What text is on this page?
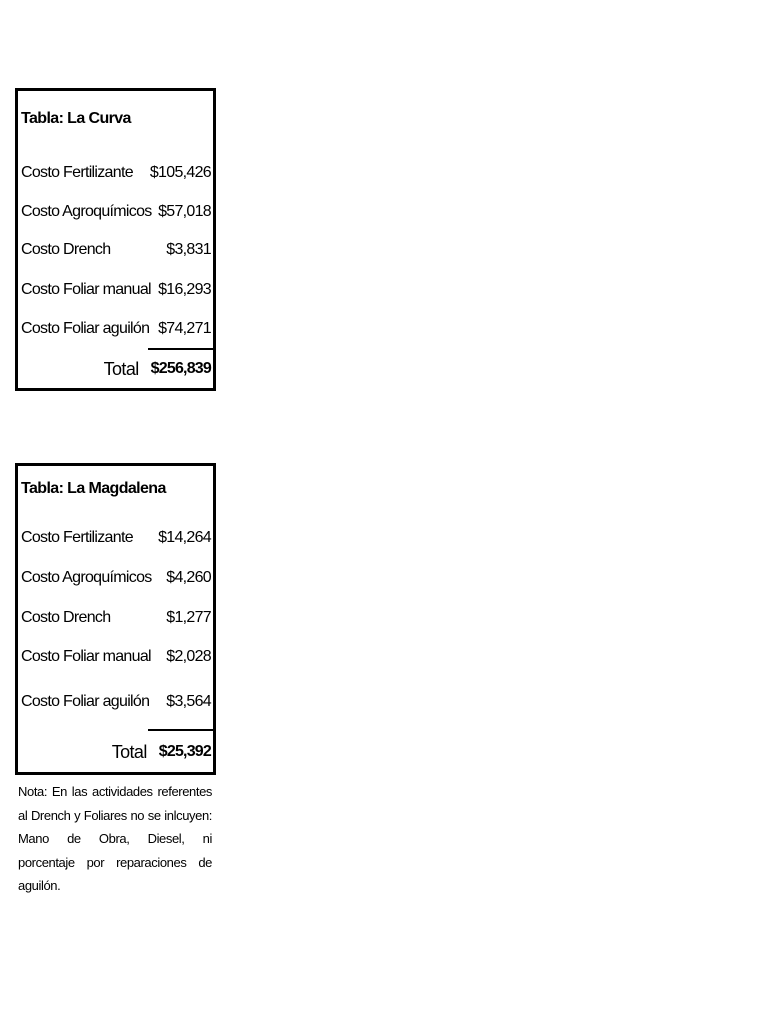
Tabla: La Curva
Costo Fertilizante $105,426
Costo Agroquímicos $57,018
Costo Drench	$3,831
Costo Foliar manual $16,293
Costo Foliar aguilón $74,271
Total $256,839
Tabla: La Magdalena
Costo Fertilizante $14,264
Costo Agroquímicos $4,260
Costo Drench	$1,277
Costo Foliar manual $2,028
Costo Foliar aguilón $3,564
Total $25,392
Nota: En las actividades referentes al Drench y Foliares no se inlcuyen: Mano de Obra, Diesel, ni porcentaje por reparaciones de aguilón.
